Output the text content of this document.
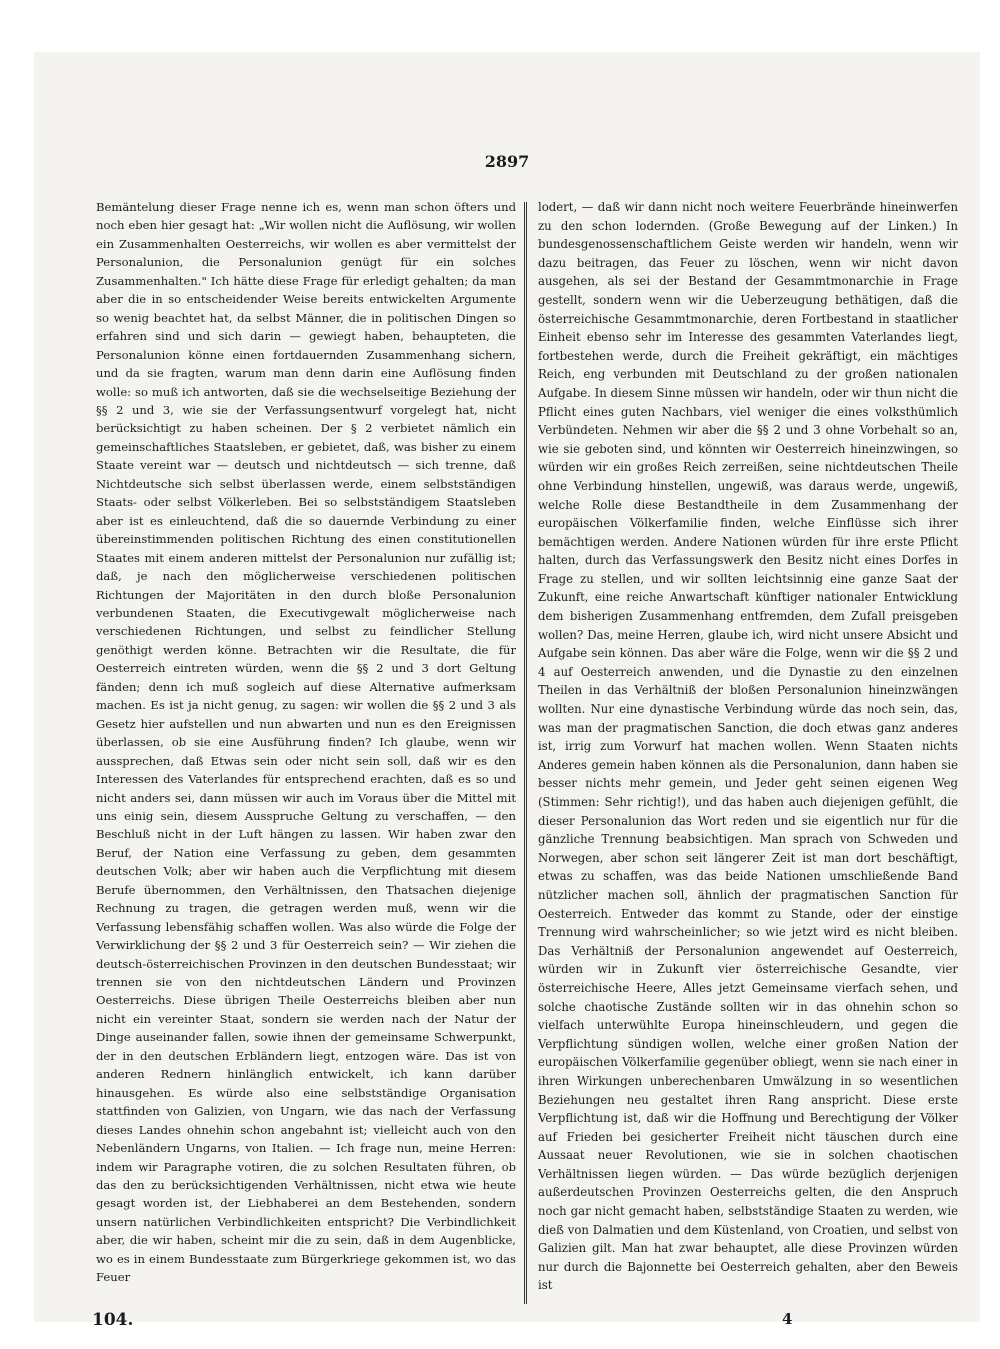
2897

Bemäntelung dieser Frage nenne ich es, wenn man schon öfters und noch eben hier gesagt hat: „Wir wollen nicht die Auflösung, wir wollen ein Zusammenhalten Oesterreichs, wir wollen es aber vermittelst der Personalunion, die Personalunion genügt für ein solches Zusammenhalten." Ich hätte diese Frage für erledigt gehalten; da man aber die in so entscheidender Weise bereits entwickelten Argumente so wenig beachtet hat, da selbst Männer, die in politischen Dingen so erfahren sind und sich darin — gewiegt haben, behaupteten, die Personalunion könne einen fortdauernden Zusammenhang sichern, und da sie fragten, warum man denn darin eine Auflösung finden wolle: so muß ich antworten, daß sie die wechselseitige Beziehung der §§ 2 und 3, wie sie der Verfassungsentwurf vorgelegt hat, nicht berücksichtigt zu haben scheinen. Der § 2 verbietet nämlich ein gemeinschaftliches Staatsleben, er gebietet, daß, was bisher zu einem Staate vereint war — deutsch und nichtdeutsch — sich trenne, daß Nichtdeutsche sich selbst überlassen werde, einem selbstständigen Staats- oder selbst Völkerleben. Bei so selbstständigem Staatsleben aber ist es einleuchtend, daß die so dauernde Verbindung zu einer übereinstimmenden politischen Richtung des einen constitutionellen Staates mit einem anderen mittelst der Personalunion nur zufällig ist; daß, je nach den möglicherweise verschiedenen politischen Richtungen der Majoritäten in den durch bloße Personalunion verbundenen Staaten, die Executivgewalt möglicherweise nach verschiedenen Richtungen, und selbst zu feindlicher Stellung genöthigt werden könne. Betrachten wir die Resultate, die für Oesterreich eintreten würden, wenn die §§ 2 und 3 dort Geltung fänden; denn ich muß sogleich auf diese Alternative aufmerksam machen. Es ist ja nicht genug, zu sagen: wir wollen die §§ 2 und 3 als Gesetz hier aufstellen und nun abwarten und nun es den Ereignissen überlassen, ob sie eine Ausführung finden? Ich glaube, wenn wir aussprechen, daß Etwas sein oder nicht sein soll, daß wir es den Interessen des Vaterlandes für entsprechend erachten, daß es so und nicht anders sei, dann müssen wir auch im Voraus über die Mittel mit uns einig sein, diesem Ausspruche Geltung zu verschaffen, — den Beschluß nicht in der Luft hängen zu lassen. Wir haben zwar den Beruf, der Nation eine Verfassung zu geben, dem gesammten deutschen Volk; aber wir haben auch die Verpflichtung mit diesem Berufe übernommen, den Verhältnissen, den Thatsachen diejenige Rechnung zu tragen, die getragen werden muß, wenn wir die Verfassung lebensfähig schaffen wollen. Was also würde die Folge der Verwirklichung der §§ 2 und 3 für Oesterreich sein? — Wir ziehen die deutsch-österreichischen Provinzen in den deutschen Bundesstaat; wir trennen sie von den nichtdeutschen Ländern und Provinzen Oesterreichs. Diese übrigen Theile Oesterreichs bleiben aber nun nicht ein vereinter Staat, sondern sie werden nach der Natur der Dinge auseinander fallen, sowie ihnen der gemeinsame Schwerpunkt, der in den deutschen Erbländern liegt, entzogen wäre. Das ist von anderen Rednern hinlänglich entwickelt, ich kann darüber hinausgehen. Es würde also eine selbstständige Organisation stattfinden von Galizien, von Ungarn, wie das nach der Verfassung dieses Landes ohnehin schon angebahnt ist; vielleicht auch von den Nebenländern Ungarns, von Italien. — Ich frage nun, meine Herren: indem wir Paragraphe votiren, die zu solchen Resultaten führen, ob das den zu berücksichtigenden Verhältnissen, nicht etwa wie heute gesagt worden ist, der Liebhaberei an dem Bestehenden, sondern unsern natürlichen Verbindlichkeiten entspricht? Die Verbindlichkeit aber, die wir haben, scheint mir die zu sein, daß in dem Augenblicke, wo es in einem Bundesstaate zum Bürgerkriege gekommen ist, wo das Feuer

lodert, — daß wir dann nicht noch weitere Feuerbrände hineinwerfen zu den schon lodernden. (Große Bewegung auf der Linken.) In bundesgenossenschaftlichem Geiste werden wir handeln, wenn wir dazu beitragen, das Feuer zu löschen, wenn wir nicht davon ausgehen, als sei der Bestand der Gesammtmonarchie in Frage gestellt, sondern wenn wir die Ueberzeugung bethätigen, daß die österreichische Gesammtmonarchie, deren Fortbestand in staatlicher Einheit ebenso sehr im Interesse des gesammten Vaterlandes liegt, fortbestehen werde, durch die Freiheit gekräftigt, ein mächtiges Reich, eng verbunden mit Deutschland zu der großen nationalen Aufgabe. In diesem Sinne müssen wir handeln, oder wir thun nicht die Pflicht eines guten Nachbars, viel weniger die eines volksthümlich Verbündeten. Nehmen wir aber die §§ 2 und 3 ohne Vorbehalt so an, wie sie geboten sind, und könnten wir Oesterreich hineinzwingen, so würden wir ein großes Reich zerreißen, seine nichtdeutschen Theile ohne Verbindung hinstellen, ungewiß, was daraus werde, ungewiß, welche Rolle diese Bestandtheile in dem Zusammenhang der europäischen Völkerfamilie finden, welche Einflüsse sich ihrer bemächtigen werden. Andere Nationen würden für ihre erste Pflicht halten, durch das Verfassungswerk den Besitz nicht eines Dorfes in Frage zu stellen, und wir sollten leichtsinnig eine ganze Saat der Zukunft, eine reiche Anwartschaft künftiger nationaler Entwicklung dem bisherigen Zusammenhang entfremden, dem Zufall preisgeben wollen? Das, meine Herren, glaube ich, wird nicht unsere Absicht und Aufgabe sein können. Das aber wäre die Folge, wenn wir die §§ 2 und 4 auf Oesterreich anwenden, und die Dynastie zu den einzelnen Theilen in das Verhältniß der bloßen Personalunion hineinzwängen wollten. Nur eine dynastische Verbindung würde das noch sein, das, was man der pragmatischen Sanction, die doch etwas ganz anderes ist, irrig zum Vorwurf hat machen wollen. Wenn Staaten nichts Anderes gemein haben können als die Personalunion, dann haben sie besser nichts mehr gemein, und Jeder geht seinen eigenen Weg (Stimmen: Sehr richtig!), und das haben auch diejenigen gefühlt, die dieser Personalunion das Wort reden und sie eigentlich nur für die gänzliche Trennung beabsichtigen. Man sprach von Schweden und Norwegen, aber schon seit längerer Zeit ist man dort beschäftigt, etwas zu schaffen, was das beide Nationen umschließende Band nützlicher machen soll, ähnlich der pragmatischen Sanction für Oesterreich. Entweder das kommt zu Stande, oder der einstige Trennung wird wahrscheinlicher; so wie jetzt wird es nicht bleiben. Das Verhältniß der Personalunion angewendet auf Oesterreich, würden wir in Zukunft vier österreichische Gesandte, vier österreichische Heere, Alles jetzt Gemeinsame vierfach sehen, und solche chaotische Zustände sollten wir in das ohnehin schon so vielfach unterwühlte Europa hineinschleudern, und gegen die Verpflichtung sündigen wollen, welche einer großen Nation der europäischen Völkerfamilie gegenüber obliegt, wenn sie nach einer in ihren Wirkungen unberechenbaren Umwälzung in so wesentlichen Beziehungen neu gestaltet ihren Rang anspricht. Diese erste Verpflichtung ist, daß wir die Hoffnung und Berechtigung der Völker auf Frieden bei gesicherter Freiheit nicht täuschen durch eine Aussaat neuer Revolutionen, wie sie in solchen chaotischen Verhältnissen liegen würden. — Das würde bezüglich derjenigen außerdeutschen Provinzen Oesterreichs gelten, die den Anspruch noch gar nicht gemacht haben, selbstständige Staaten zu werden, wie dieß von Dalmatien und dem Küstenland, von Croatien, und selbst von Galizien gilt. Man hat zwar behauptet, alle diese Provinzen würden nur durch die Bajonnette bei Oesterreich gehalten, aber den Beweis ist

104.	4
